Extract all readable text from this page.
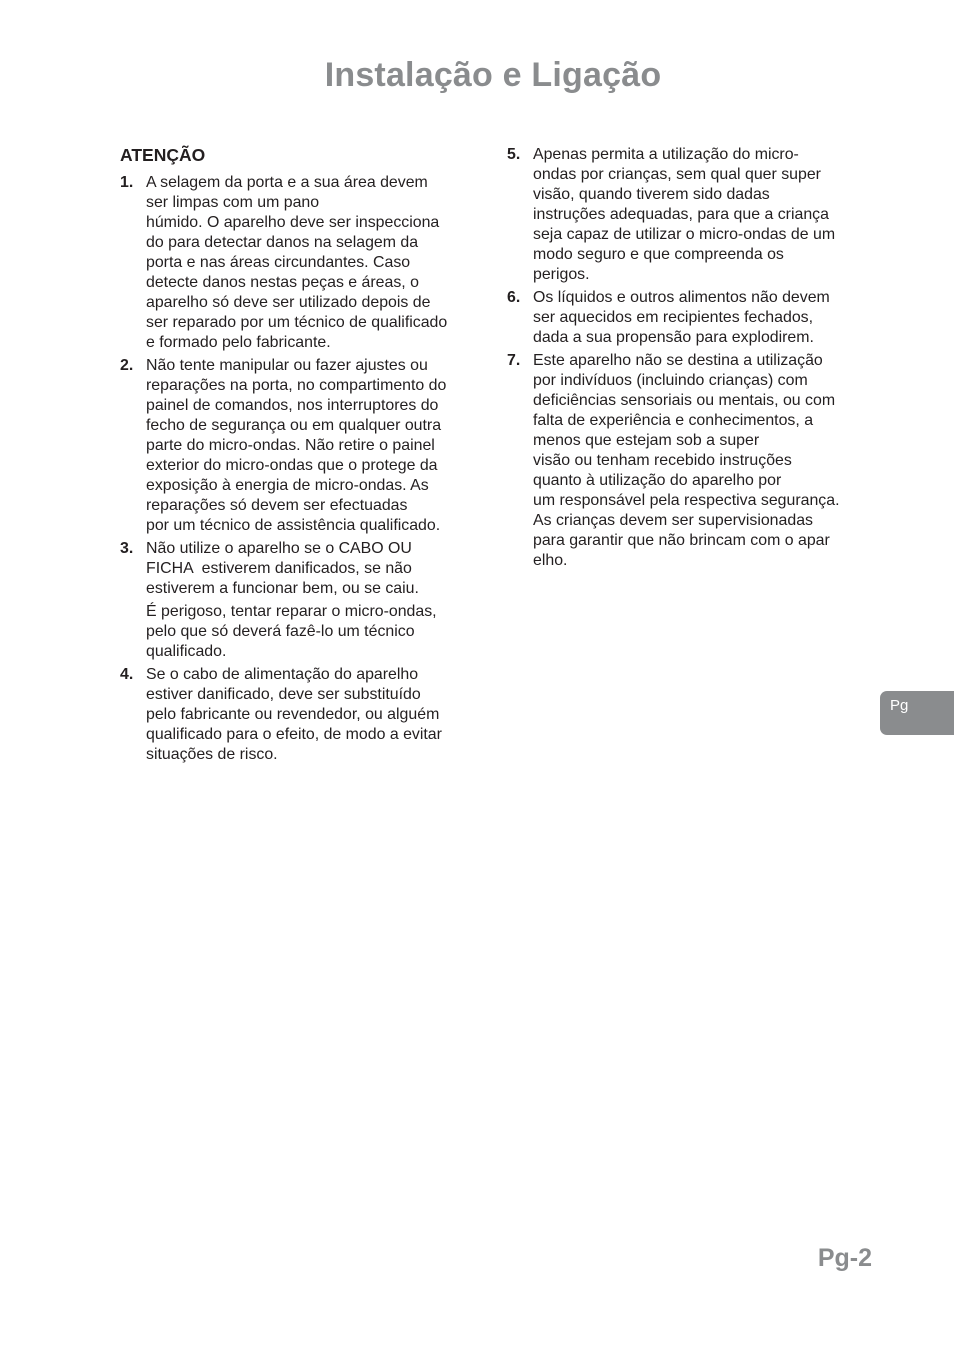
Instalação e Ligação
ATENÇÃO
1. A selagem da porta e a sua área devem
ser limpas com um pano
húmido. O aparelho deve ser inspecciona
do para detectar danos na selagem da
porta e nas áreas circundantes. Caso
detecte danos nestas peças e áreas, o
aparelho só deve ser utilizado depois de
ser reparado por um técnico de qualificado
e formado pelo fabricante.
2. Não tente manipular ou fazer ajustes ou
reparações na porta, no compartimento do
painel de comandos, nos interruptores do
fecho de segurança ou em qualquer outra
parte do micro-ondas. Não retire o painel
exterior do micro-ondas que o protege da
exposição à energia de micro-ondas. As
reparações só devem ser efectuadas
por um técnico de assistência qualificado.
3. Não utilize o aparelho se o CABO OU
FICHA  estiverem danificados, se não
estiverem a funcionar bem, ou se caiu.
É perigoso, tentar reparar o micro-ondas,
pelo que só deverá fazê-lo um técnico
qualificado.
4. Se o cabo de alimentação do aparelho
estiver danificado, deve ser substituído
pelo fabricante ou revendedor, ou alguém
qualificado para o efeito, de modo a evitar
situações de risco.
5. Apenas permita a utilização do micro-
ondas por crianças, sem qual quer super
visão, quando tiverem sido dadas
instruções adequadas, para que a criança
seja capaz de utilizar o micro-ondas de um
modo seguro e que compreenda os
perigos.
6. Os líquidos e outros alimentos não devem
ser aquecidos em recipientes fechados,
dada a sua propensão para explodirem.
7. Este aparelho não se destina a utilização
por indivíduos (incluindo crianças) com
deficiências sensoriais ou mentais, ou com
falta de experiência e conhecimentos, a
menos que estejam sob a super
visão ou tenham recebido instruções
quanto à utilização do aparelho por
um responsável pela respectiva segurança.
As crianças devem ser supervisionadas
para garantir que não brincam com o apar
elho.
Pg
Pg-2
